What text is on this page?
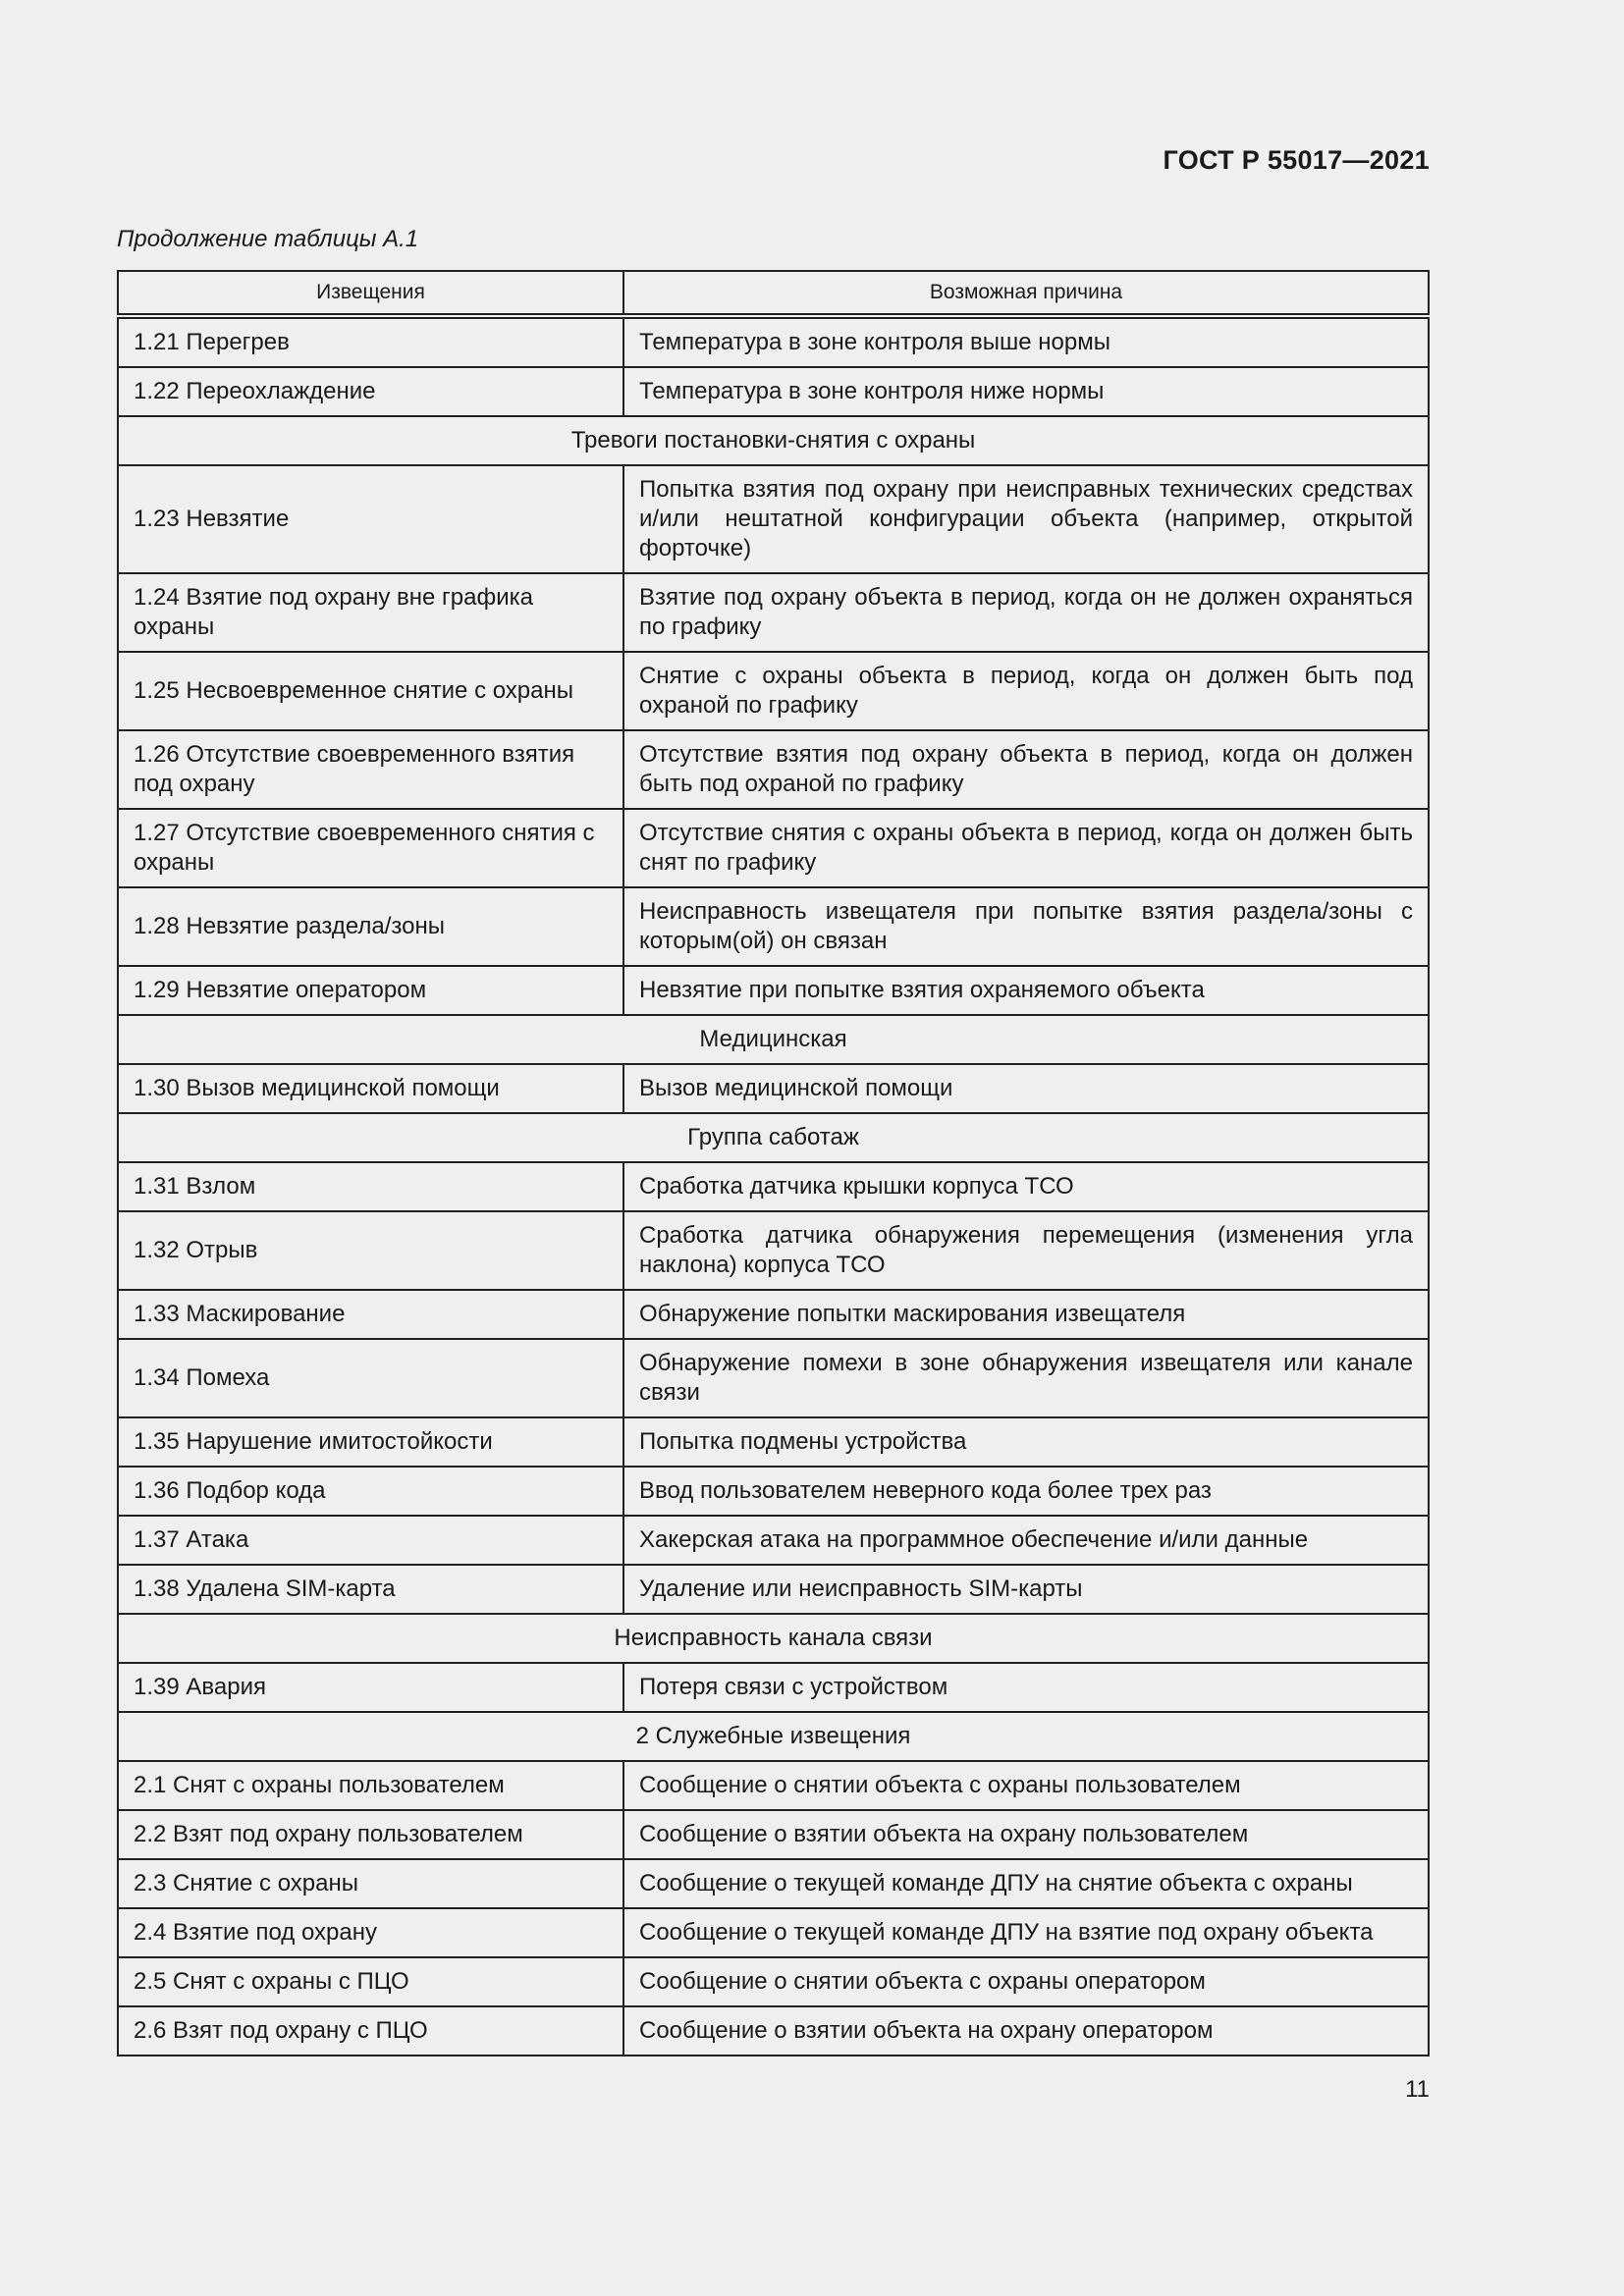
ГОСТ Р 55017—2021
Продолжение таблицы А.1
Извещения	Возможная причина
1.21 Перегрев	Температура в зоне контроля выше нормы
1.22 Переохлаждение	Температура в зоне контроля ниже нормы
Тревоги постановки-снятия с охраны	
1.23 Невзятие	Попытка взятия под охрану при неисправных технических средствах и/или нештатной конфигурации объекта (например, открытой форточке)
1.24 Взятие под охрану вне графика охраны	Взятие под охрану объекта в период, когда он не должен охраняться по графику
1.25 Несвоевременное снятие с охраны	Снятие с охраны объекта в период, когда он должен быть под охраной по графику
1.26 Отсутствие своевременного взятия под охрану	Отсутствие взятия под охрану объекта в период, когда он должен быть под охраной по графику
1.27 Отсутствие своевременного снятия с охраны	Отсутствие снятия с охраны объекта в период, когда он должен быть снят по графику
1.28 Невзятие раздела/зоны	Неисправность извещателя при попытке взятия раздела/зоны с которым(ой) он связан
1.29 Невзятие оператором	Невзятие при попытке взятия охраняемого объекта
Медицинская	
1.30 Вызов медицинской помощи	Вызов медицинской помощи
Группа саботаж	
1.31 Взлом	Сработка датчика крышки корпуса ТСО
1.32 Отрыв	Сработка датчика обнаружения перемещения (изменения угла наклона) корпуса ТСО
1.33 Маскирование	Обнаружение попытки маскирования извещателя
1.34 Помеха	Обнаружение помехи в зоне обнаружения извещателя или канале связи
1.35 Нарушение имитостойкости	Попытка подмены устройства
1.36 Подбор кода	Ввод пользователем неверного кода более трех раз
1.37 Атака	Хакерская атака на программное обеспечение и/или данные
1.38 Удалена SIM-карта	Удаление или неисправность SIM-карты
Неисправность канала связи	
1.39 Авария	Потеря связи с устройством
2 Служебные извещения	
2.1 Снят с охраны пользователем	Сообщение о снятии объекта с охраны пользователем
2.2 Взят под охрану пользователем	Сообщение о взятии объекта на охрану пользователем
2.3 Снятие с охраны	Сообщение о текущей команде ДПУ на снятие объекта с охраны
2.4 Взятие под охрану	Сообщение о текущей команде ДПУ на взятие под охрану объекта
2.5 Снят с охраны с ПЦО	Сообщение о снятии объекта с охраны оператором
2.6 Взят под охрану с ПЦО	Сообщение о взятии объекта на охрану оператором
11
